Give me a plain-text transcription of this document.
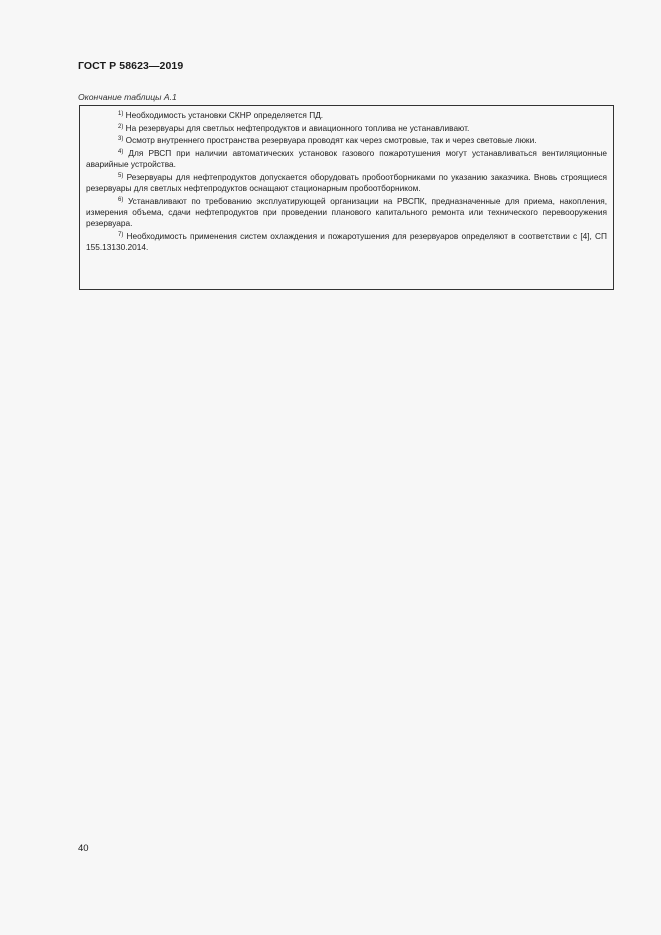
ГОСТ Р 58623—2019
Окончание таблицы А.1

$^{1)}$ Необходимость установки СКНР определяется ПД.

$^{2)}$ На резервуары для светлых нефтепродуктов и авиационного топлива не устанавливают.

$^{3)}$ Осмотр внутреннего пространства резервуара проводят как через смотровые, так и через световые люки.

$^{4)}$ Для РВСП при наличии автоматических установок газового пожаротушения могут устанавливаться вентиляционные аварийные устройства.

$^{5)}$ Резервуары для нефтепродуктов допускается оборудовать пробоотборниками по указанию заказчика. Вновь строящиеся резервуары для светлых нефтепродуктов оснащают стационарным пробоотборником.

$^{6)}$ Устанавливают по требованию эксплуатирующей организации на РВСПК, предназначенные для приема, накопления, измерения объема, сдачи нефтепродуктов при проведении планового капитального ремонта или технического перевооружения резервуара.

$^{7)}$ Необходимость применения систем охлаждения и пожаротушения для резервуаров определяют в соответствии с [4], СП 155.13130.2014.

40
